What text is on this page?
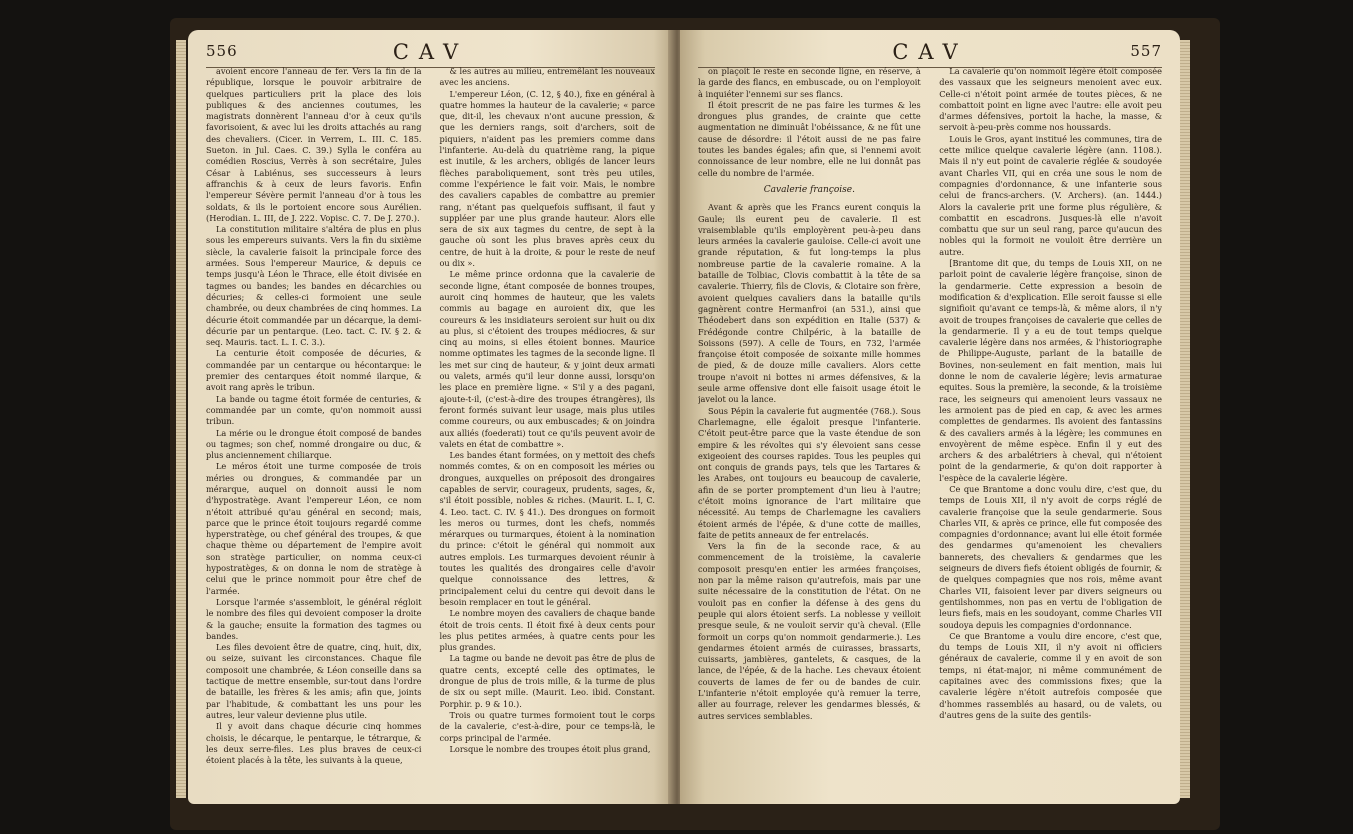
556	CAV

avoient encore l'anneau de fer. Vers la fin de la république, lorsque le pouvoir arbitraire de quelques particuliers prit la place des lois publiques & des anciennes coutumes, les magistrats donnèrent l'anneau d'or à ceux qu'ils favorisoient, & avec lui les droits attachés au rang des chevaliers. (Cicer. in Verrem, L. III. C. 185. Sueton. in Jul. Caes. C. 39.) Sylla le conféra au comédien Roscius, Verrès à son secrétaire, Jules César à Labiénus, ses successeurs à leurs affranchis & à ceux de leurs favoris. Enfin l'empereur Sévère permit l'anneau d'or à tous les soldats, & ils le portoient encore sous Aurélien. (Herodian. L. III, de J. 222. Vopisc. C. 7. De J. 270.).

La constitution militaire s'altéra de plus en plus sous les empereurs suivants. Vers la fin du sixième siècle, la cavalerie faisoit la principale force des armées. Sous l'empereur Maurice, & depuis ce temps jusqu'à Léon le Thrace, elle étoit divisée en tagmes ou bandes; les bandes en décarchies ou décuries; & celles-ci formoient une seule chambrée, ou deux chambrées de cinq hommes. La décurie étoit commandée par un décarque, la demi-décurie par un pentarque. (Leo. tact. C. IV. § 2. & seq. Mauris. tact. L. I. C. 3.).

La centurie étoit composée de décuries, & commandée par un centarque ou hécontarque: le premier des centarques étoit nommé ilarque, & avoit rang après le tribun.

La bande ou tagme étoit formée de centuries, & commandée par un comte, qu'on nommoit aussi tribun.

La mérie ou le drongue étoit composé de bandes ou tagmes; son chef, nommé drongaire ou duc, & plus anciennement chiliarque.

Le méros étoit une turme composée de trois méries ou drongues, & commandée par un mérarque, auquel on donnoit aussi le nom d'hypostratège. Avant l'empereur Léon, ce nom n'étoit attribué qu'au général en second; mais, parce que le prince étoit toujours regardé comme hyperstratège, ou chef général des troupes, & que chaque thème ou département de l'empire avoit son stratège particulier, on nomma ceux-ci hypostratèges, & on donna le nom de stratège à celui que le prince nommoit pour être chef de l'armée.

Lorsque l'armée s'assembloit, le général régloit le nombre des files qui devoient composer la droite & la gauche; ensuite la formation des tagmes ou bandes.

Les files devoient être de quatre, cinq, huit, dix, ou seize, suivant les circonstances. Chaque file composoit une chambrée, & Léon conseille dans sa tactique de mettre ensemble, sur-tout dans l'ordre de bataille, les frères & les amis; afin que, joints par l'habitude, & combattant les uns pour les autres, leur valeur devienne plus utile.

Il y avoit dans chaque décurie cinq hommes choisis, le décarque, le pentarque, le tétrarque, & les deux serre-files. Les plus braves de ceux-ci étoient placés à la tête, les suivants à la queue,

& les autres au milieu, entremêlant les nouveaux avec les anciens.

L'empereur Léon, (C. 12, § 40.), fixe en général à quatre hommes la hauteur de la cavalerie; « parce que, dit-il, les chevaux n'ont aucune pression, & que les derniers rangs, soit d'archers, soit de piquiers, n'aident pas les premiers comme dans l'infanterie. Au-delà du quatrième rang, la pique est inutile, & les archers, obligés de lancer leurs flèches paraboliquement, sont très peu utiles, comme l'expérience le fait voir. Mais, le nombre des cavaliers capables de combattre au premier rang, n'étant pas quelquefois suffisant, il faut y suppléer par une plus grande hauteur. Alors elle sera de six aux tagmes du centre, de sept à la gauche où sont les plus braves après ceux du centre, de huit à la droite, & pour le reste de neuf ou dix ».

Le même prince ordonna que la cavalerie de seconde ligne, étant composée de bonnes troupes, auroit cinq hommes de hauteur, que les valets commis au bagage en auroient dix, que les coureurs & les insidiateurs seroient sur huit ou dix au plus, si c'étoient des troupes médiocres, & sur cinq au moins, si elles étoient bonnes. Maurice nomme optimates les tagmes de la seconde ligne. Il les met sur cinq de hauteur, & y joint deux armati ou valets, armés qu'il leur donne aussi, lorsqu'on les place en première ligne. « S'il y a des pagani, ajoute-t-il, (c'est-à-dire des troupes étrangères), ils feront formés suivant leur usage, mais plus utiles comme coureurs, ou aux embuscades; & on joindra aux alliés (foederati) tout ce qu'ils peuvent avoir de valets en état de combattre ».

Les bandes étant formées, on y mettoit des chefs nommés comtes, & on en composoit les méries ou drongues, auxquelles on préposoit des drongaires capables de servir, courageux, prudents, sages, &, s'il étoit possible, nobles & riches. (Maurit. L. I, C. 4. Leo. tact. C. IV. § 41.). Des drongues on formoit les meros ou turmes, dont les chefs, nommés mérarques ou turmarques, étoient à la nomination du prince: c'étoit le général qui nommoit aux autres emplois. Les turmarques devoient réunir à toutes les qualités des drongaires celle d'avoir quelque connoissance des lettres, & principalement celui du centre qui devoit dans le besoin remplacer en tout le général.

Le nombre moyen des cavaliers de chaque bande étoit de trois cents. Il étoit fixé à deux cents pour les plus petites armées, à quatre cents pour les plus grandes.

La tagme ou bande ne devoit pas être de plus de quatre cents, excepté celle des optimates, le drongue de plus de trois mille, & la turme de plus de six ou sept mille. (Maurit. Leo. ibid. Constant. Porphir. p. 9 & 10.).

Trois ou quatre turmes formoient tout le corps de la cavalerie, c'est-à-dire, pour ce temps-là, le corps principal de l'armée.

Lorsque le nombre des troupes étoit plus grand,

CAV	557

on plaçoit le reste en seconde ligne, en réserve, à la garde des flancs, en embuscade, ou on l'employoit à inquiéter l'ennemi sur ses flancs.

Il étoit prescrit de ne pas faire les turmes & les drongues plus grandes, de crainte que cette augmentation ne diminuât l'obéissance, & ne fût une cause de désordre: il l'étoit aussi de ne pas faire toutes les bandes égales; afin que, si l'ennemi avoit connoissance de leur nombre, elle ne lui donnât pas celle du nombre de l'armée.

Cavalerie françoise.

Avant & après que les Francs eurent conquis la Gaule; ils eurent peu de cavalerie. Il est vraisemblable qu'ils employèrent peu-à-peu dans leurs armées la cavalerie gauloise. Celle-ci avoit une grande réputation, & fut long-temps la plus nombreuse partie de la cavalerie romaine. A la bataille de Tolbiac, Clovis combattit à la tête de sa cavalerie. Thierry, fils de Clovis, & Clotaire son frère, avoient quelques cavaliers dans la bataille qu'ils gagnèrent contre Hermanfroi (an 531.), ainsi que Théodebert dans son expédition en Italie (537) & Frédégonde contre Chilpéric, à la bataille de Soissons (597). A celle de Tours, en 732, l'armée françoise étoit composée de soixante mille hommes de pied, & de douze mille cavaliers. Alors cette troupe n'avoit ni bottes ni armes défensives, & la seule arme offensive dont elle faisoit usage étoit le javelot ou la lance.

Sous Pépin la cavalerie fut augmentée (768.). Sous Charlemagne, elle égaloit presque l'infanterie. C'étoit peut-être parce que la vaste étendue de son empire & les révoltes qui s'y élevoient sans cesse exigeoient des courses rapides. Tous les peuples qui ont conquis de grands pays, tels que les Tartares & les Arabes, ont toujours eu beaucoup de cavalerie, afin de se porter promptement d'un lieu à l'autre; c'étoit moins ignorance de l'art militaire que nécessité. Au temps de Charlemagne les cavaliers étoient armés de l'épée, & d'une cotte de mailles, faite de petits anneaux de fer entrelacés.

Vers la fin de la seconde race, & au commencement de la troisième, la cavalerie composoit presqu'en entier les armées françoises, non par la même raison qu'autrefois, mais par une suite nécessaire de la constitution de l'état. On ne vouloit pas en confier la défense à des gens du peuple qui alors étoient serfs. La noblesse y veilloit presque seule, & ne vouloit servir qu'à cheval. (Elle formoit un corps qu'on nommoit gendarmerie.). Les gendarmes étoient armés de cuirasses, brassarts, cuissarts, jambières, gantelets, & casques, de la lance, de l'épée, & de la hache. Les chevaux étoient couverts de lames de fer ou de bandes de cuir. L'infanterie n'étoit employée qu'à remuer la terre, aller au fourrage, relever les gendarmes blessés, & autres services semblables.

La cavalerie qu'on nommoit légère étoit composée des vassaux que les seigneurs menoient avec eux. Celle-ci n'étoit point armée de toutes pièces, & ne combattoit point en ligne avec l'autre: elle avoit peu d'armes défensives, portoit la hache, la masse, & servoit à-peu-près comme nos houssards.

Louis le Gros, ayant institué les communes, tira de cette milice quelque cavalerie légère (ann. 1108.). Mais il n'y eut point de cavalerie réglée & soudoyée avant Charles VII, qui en créa une sous le nom de compagnies d'ordonnance, & une infanterie sous celui de francs-archers. (V. Archers). (an. 1444.) Alors la cavalerie prit une forme plus régulière, & combattit en escadrons. Jusques-là elle n'avoit combattu que sur un seul rang, parce qu'aucun des nobles qui la formoit ne vouloit être derrière un autre.

[Brantome dit que, du temps de Louis XII, on ne parloit point de cavalerie légère françoise, sinon de la gendarmerie. Cette expression a besoin de modification & d'explication. Elle seroit fausse si elle signifioit qu'avant ce temps-là, & même alors, il n'y avoit de troupes françoises de cavalerie que celles de la gendarmerie. Il y a eu de tout temps quelque cavalerie légère dans nos armées, & l'historiographe de Philippe-Auguste, parlant de la bataille de Bovines, non-seulement en fait mention, mais lui donne le nom de cavalerie légère; levis armaturae equites. Sous la première, la seconde, & la troisième race, les seigneurs qui amenoient leurs vassaux ne les armoient pas de pied en cap, & avec les armes complettes de gendarmes. Ils avoient des fantassins & des cavaliers armés à la légère; les communes en envoyèrent de même espèce. Enfin il y eut des archers & des arbalétriers à cheval, qui n'étoient point de la gendarmerie, & qu'on doit rapporter à l'espèce de la cavalerie légère.

Ce que Brantome a donc voulu dire, c'est que, du temps de Louis XII, il n'y avoit de corps réglé de cavalerie françoise que la seule gendarmerie. Sous Charles VII, & après ce prince, elle fut composée des compagnies d'ordonnance; avant lui elle étoit formée des gendarmes qu'amenoient les chevaliers bannerets, des chevaliers & gendarmes que les seigneurs de divers fiefs étoient obligés de fournir, & de quelques compagnies que nos rois, même avant Charles VII, faisoient lever par divers seigneurs ou gentilshommes, non pas en vertu de l'obligation de leurs fiefs, mais en les soudoyant, comme Charles VII soudoya depuis les compagnies d'ordonnance.

Ce que Brantome a voulu dire encore, c'est que, du temps de Louis XII, il n'y avoit ni officiers généraux de cavalerie, comme il y en avoit de son temps, ni état-major, ni même communément de capitaines avec des commissions fixes; que la cavalerie légère n'étoit autrefois composée que d'hommes rassemblés au hasard, ou de valets, ou d'autres gens de la suite des gentils-
